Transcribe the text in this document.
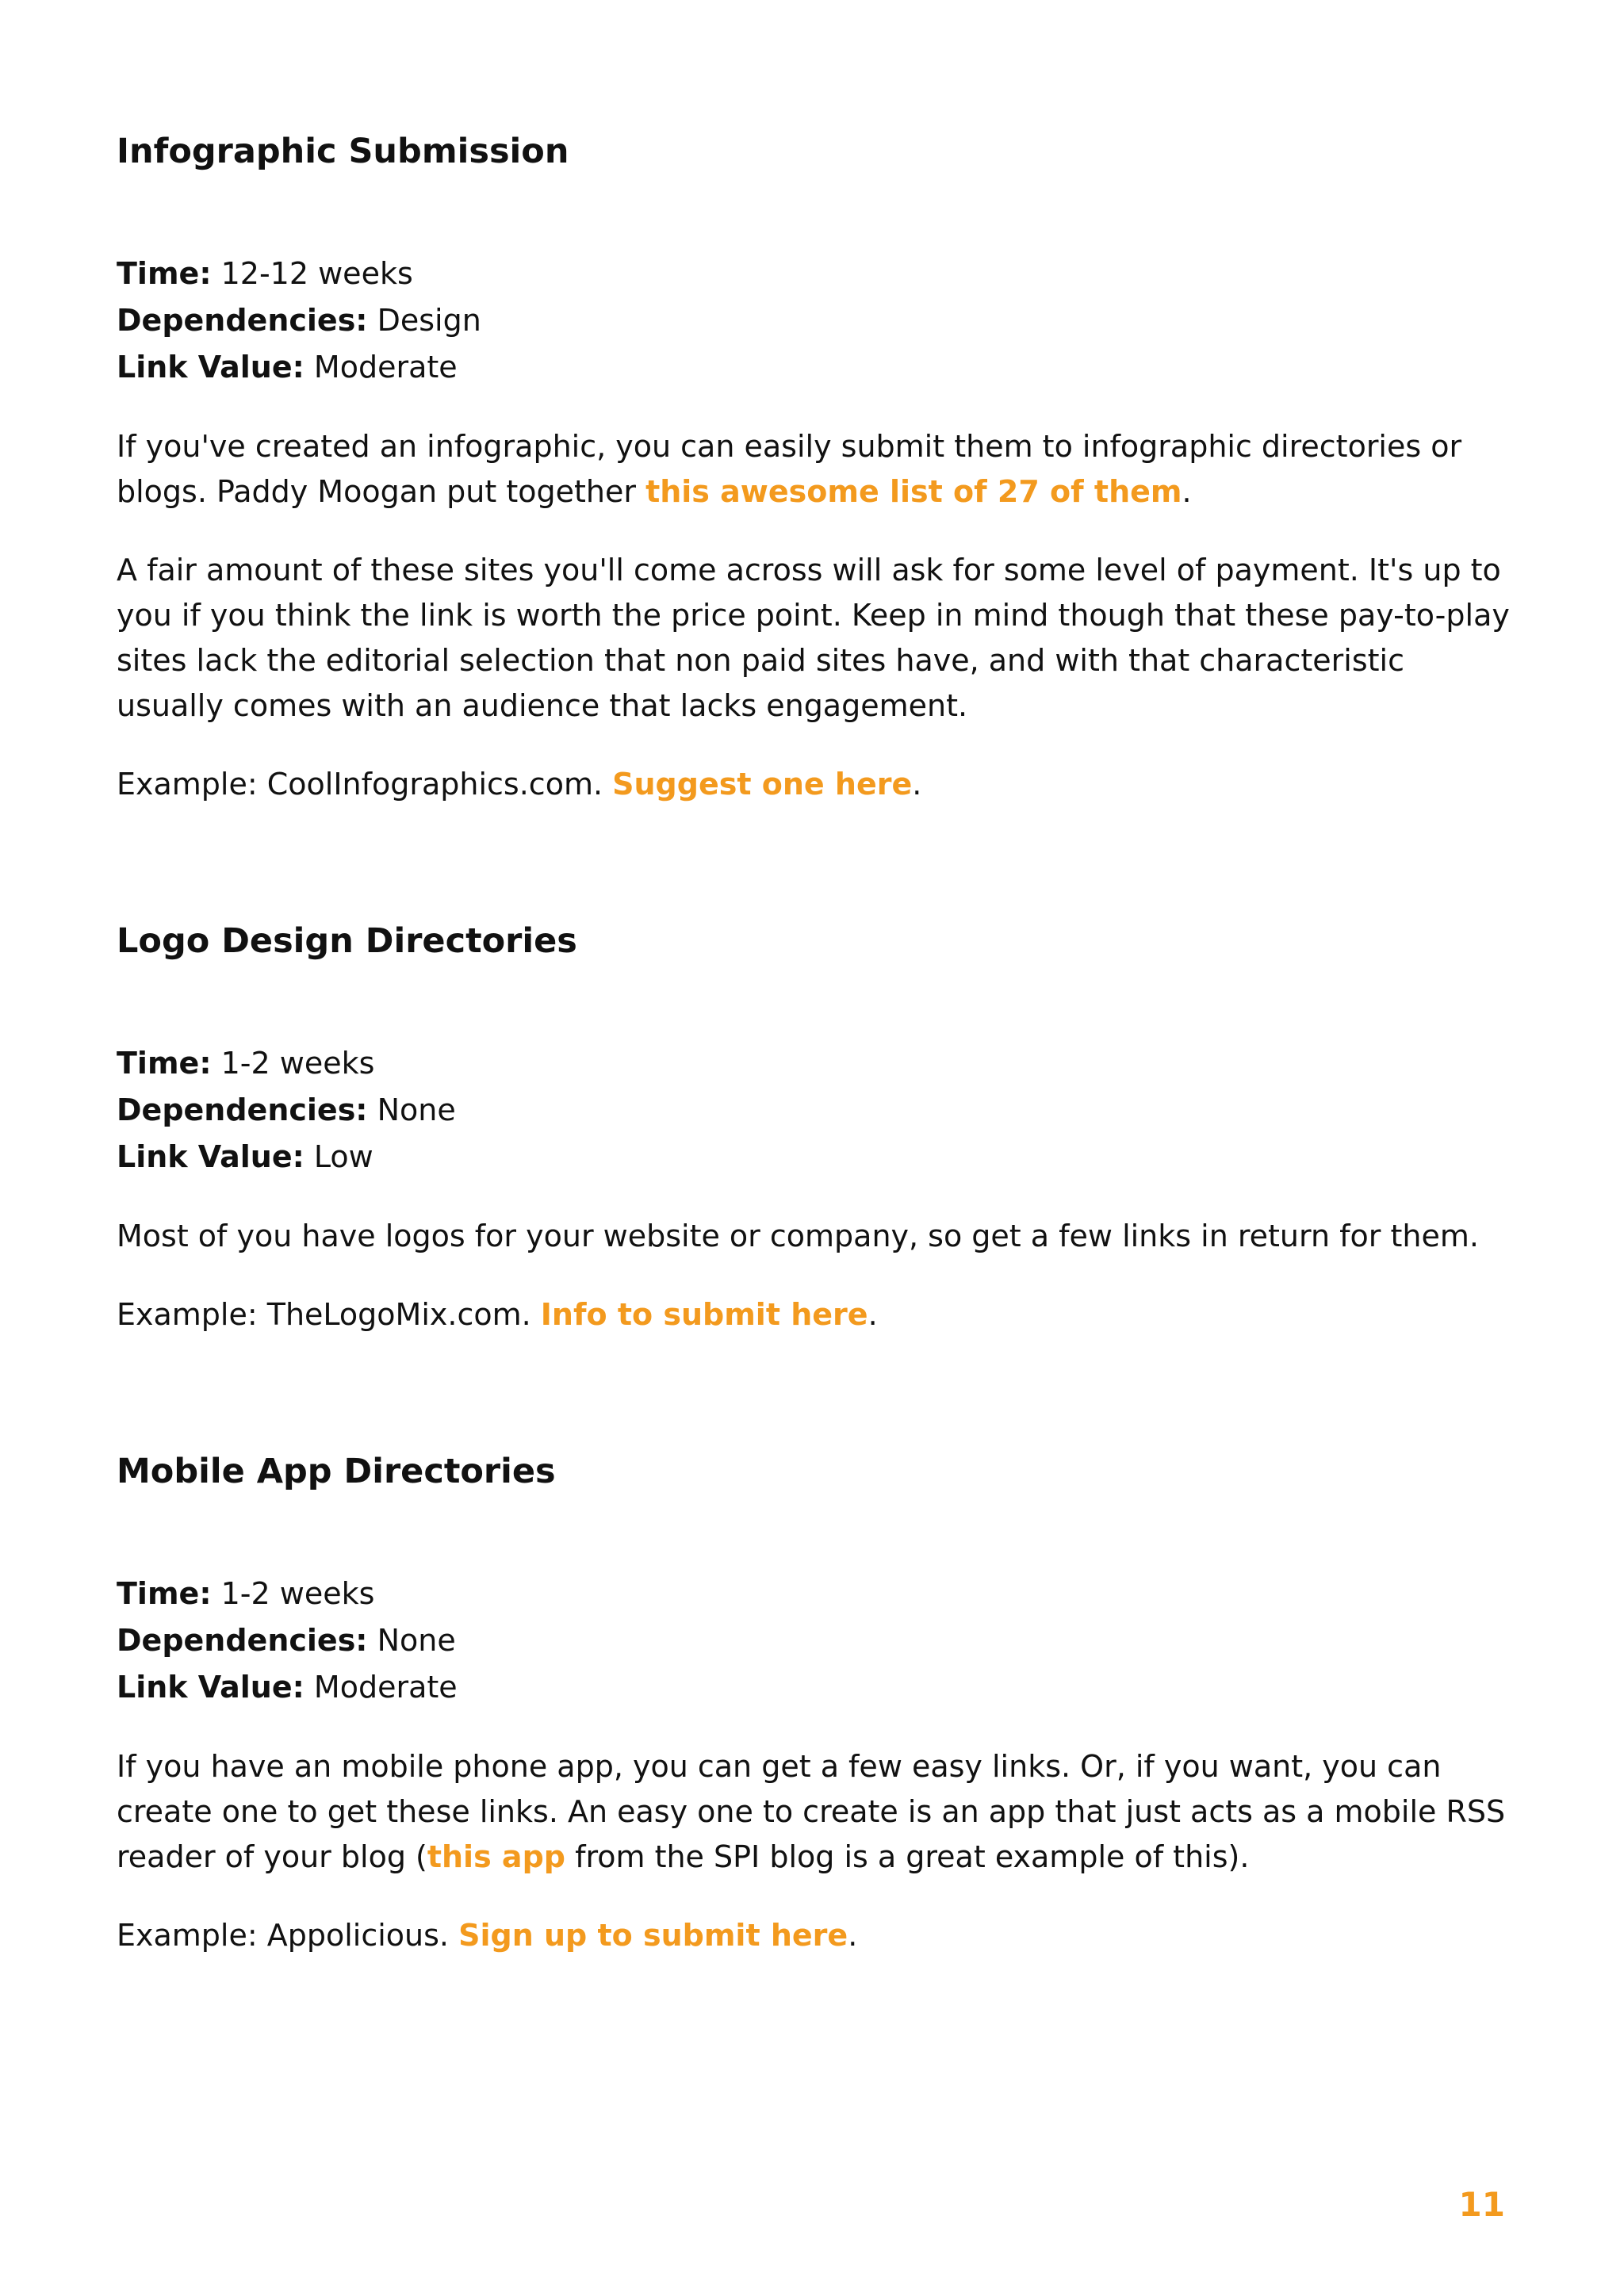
Infographic Submission

Time: 12-12 weeks

Dependencies: Design

Link Value: Moderate

If you've created an infographic, you can easily submit them to infographic directories or blogs. Paddy Moogan put together this awesome list of 27 of them.

A fair amount of these sites you'll come across will ask for some level of payment. It's up to you if you think the link is worth the price point. Keep in mind though that these pay-to-play sites lack the editorial selection that non paid sites have, and with that characteristic usually comes with an audience that lacks engagement.

Example: CoolInfographics.com. Suggest one here.

Logo Design Directories

Time: 1-2 weeks

Dependencies: None

Link Value: Low

Most of you have logos for your website or company, so get a few links in return for them.

Example: TheLogoMix.com. Info to submit here.

Mobile App Directories

Time: 1-2 weeks

Dependencies: None

Link Value: Moderate

If you have an mobile phone app, you can get a few easy links. Or, if you want, you can create one to get these links. An easy one to create is an app that just acts as a mobile RSS reader of your blog (this app from the SPI blog is a great example of this).

Example: Appolicious. Sign up to submit here.

11
